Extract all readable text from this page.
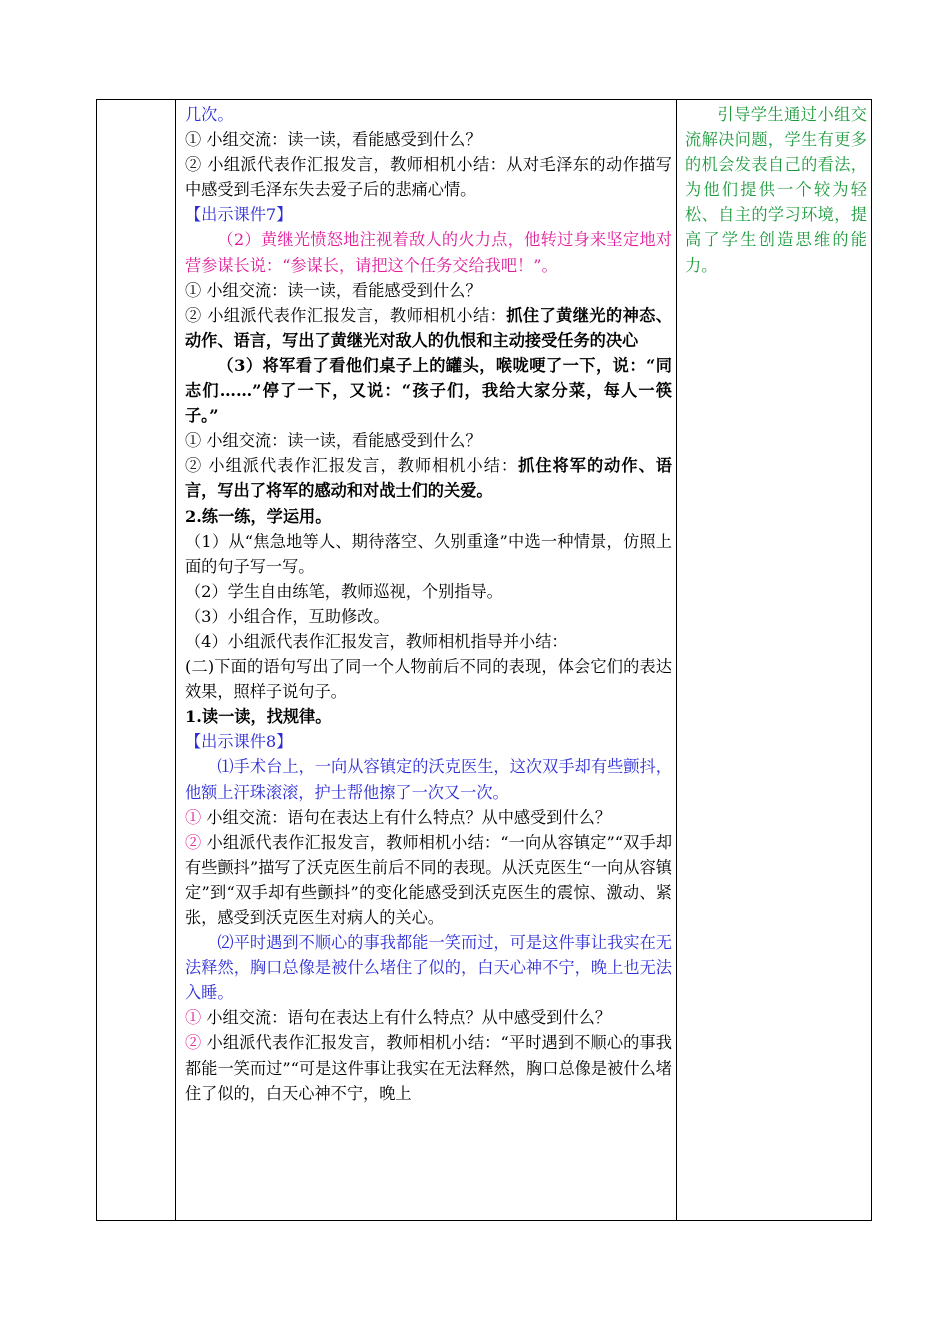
几次。

① 小组交流：读一读，看能感受到什么？

② 小组派代表作汇报发言，教师相机小结：从对毛泽东的动作描写中感受到毛泽东失去爱子后的悲痛心情。

【出示课件7】

（2）黄继光愤怒地注视着敌人的火力点，他转过身来坚定地对营参谋长说：“参谋长，请把这个任务交给我吧！”。

① 小组交流：读一读，看能感受到什么？

② 小组派代表作汇报发言，教师相机小结：抓住了黄继光的神态、动作、语言，写出了黄继光对敌人的仇恨和主动接受任务的决心

（3）将军看了看他们桌子上的罐头，喉咙哽了一下，说：“同志们……”停了一下，又说：“孩子们，我给大家分菜，每人一筷子。”

① 小组交流：读一读，看能感受到什么？

② 小组派代表作汇报发言，教师相机小结：抓住将军的动作、语言，写出了将军的感动和对战士们的关爱。

2.练一练，学运用。

（1）从“焦急地等人、期待落空、久别重逢”中选一种情景，仿照上面的句子写一写。

（2）学生自由练笔，教师巡视，个别指导。

（3）小组合作，互助修改。

（4）小组派代表作汇报发言，教师相机指导并小结：

(二)下面的语句写出了同一个人物前后不同的表现，体会它们的表达效果，照样子说句子。

1.读一读，找规律。

【出示课件8】

⑴手术台上，一向从容镇定的沃克医生，这次双手却有些颤抖，他额上汗珠滚滚，护士帮他擦了一次又一次。

① 小组交流：语句在表达上有什么特点？从中感受到什么？

② 小组派代表作汇报发言，教师相机小结：“一向从容镇定”“双手却有些颤抖”描写了沃克医生前后不同的表现。从沃克医生“一向从容镇定”到“双手却有些颤抖”的变化能感受到沃克医生的震惊、激动、紧张，感受到沃克医生对病人的关心。

⑵平时遇到不顺心的事我都能一笑而过，可是这件事让我实在无法释然，胸口总像是被什么堵住了似的，白天心神不宁，晚上也无法入睡。

① 小组交流：语句在表达上有什么特点？从中感受到什么？

② 小组派代表作汇报发言，教师相机小结：“平时遇到不顺心的事我都能一笑而过”“可是这件事让我实在无法释然，胸口总像是被什么堵住了似的，白天心神不宁，晚上

引导学生通过小组交流解决问题，学生有更多的机会发表自己的看法，为他们提供一个较为轻松、自主的学习环境，提高了学生创造思维的能力。
